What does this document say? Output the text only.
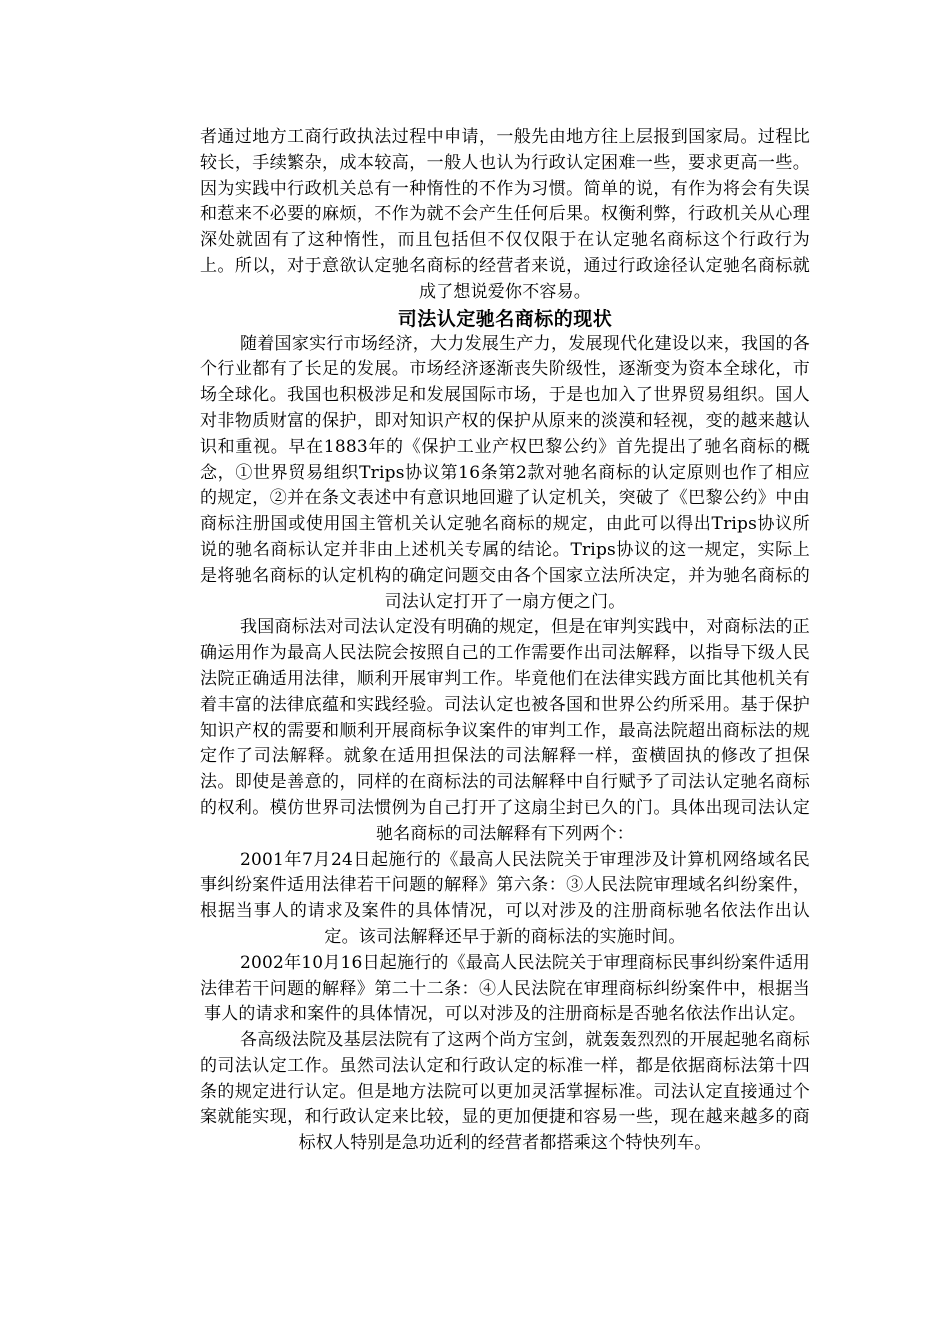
者通过地方工商行政执法过程中申请，一般先由地方往上层报到国家局。过程比较长，手续繁杂，成本较高，一般人也认为行政认定困难一些，要求更高一些。因为实践中行政机关总有一种惰性的不作为习惯。简单的说，有作为将会有失误和惹来不必要的麻烦，不作为就不会产生任何后果。权衡利弊，行政机关从心理深处就固有了这种惰性，而且包括但不仅仅限于在认定驰名商标这个行政行为上。所以，对于意欲认定驰名商标的经营者来说，通过行政途径认定驰名商标就成了想说爱你不容易。

司法认定驰名商标的现状

随着国家实行市场经济，大力发展生产力，发展现代化建设以来，我国的各个行业都有了长足的发展。市场经济逐渐丧失阶级性，逐渐变为资本全球化，市场全球化。我国也积极涉足和发展国际市场，于是也加入了世界贸易组织。国人对非物质财富的保护，即对知识产权的保护从原来的淡漠和轻视，变的越来越认识和重视。早在1883年的《保护工业产权巴黎公约》首先提出了驰名商标的概念，①世界贸易组织Trips协议第16条第2款对驰名商标的认定原则也作了相应的规定，②并在条文表述中有意识地回避了认定机关，突破了《巴黎公约》中由商标注册国或使用国主管机关认定驰名商标的规定，由此可以得出Trips协议所说的驰名商标认定并非由上述机关专属的结论。Trips协议的这一规定，实际上是将驰名商标的认定机构的确定问题交由各个国家立法所决定，并为驰名商标的司法认定打开了一扇方便之门。

我国商标法对司法认定没有明确的规定，但是在审判实践中，对商标法的正确运用作为最高人民法院会按照自己的工作需要作出司法解释，以指导下级人民法院正确适用法律，顺利开展审判工作。毕竟他们在法律实践方面比其他机关有着丰富的法律底蕴和实践经验。司法认定也被各国和世界公约所采用。基于保护知识产权的需要和顺利开展商标争议案件的审判工作，最高法院超出商标法的规定作了司法解释。就象在适用担保法的司法解释一样，蛮横固执的修改了担保法。即使是善意的，同样的在商标法的司法解释中自行赋予了司法认定驰名商标的权利。模仿世界司法惯例为自己打开了这扇尘封已久的门。具体出现司法认定驰名商标的司法解释有下列两个：

2001年7月24日起施行的《最高人民法院关于审理涉及计算机网络域名民事纠纷案件适用法律若干问题的解释》第六条：③人民法院审理域名纠纷案件，根据当事人的请求及案件的具体情况，可以对涉及的注册商标驰名依法作出认定。该司法解释还早于新的商标法的实施时间。

2002年10月16日起施行的《最高人民法院关于审理商标民事纠纷案件适用法律若干问题的解释》第二十二条：④人民法院在审理商标纠纷案件中，根据当事人的请求和案件的具体情况，可以对涉及的注册商标是否驰名依法作出认定。

各高级法院及基层法院有了这两个尚方宝剑，就轰轰烈烈的开展起驰名商标的司法认定工作。虽然司法认定和行政认定的标准一样，都是依据商标法第十四条的规定进行认定。但是地方法院可以更加灵活掌握标准。司法认定直接通过个案就能实现，和行政认定来比较，显的更加便捷和容易一些，现在越来越多的商标权人特别是急功近利的经营者都搭乘这个特快列车。
